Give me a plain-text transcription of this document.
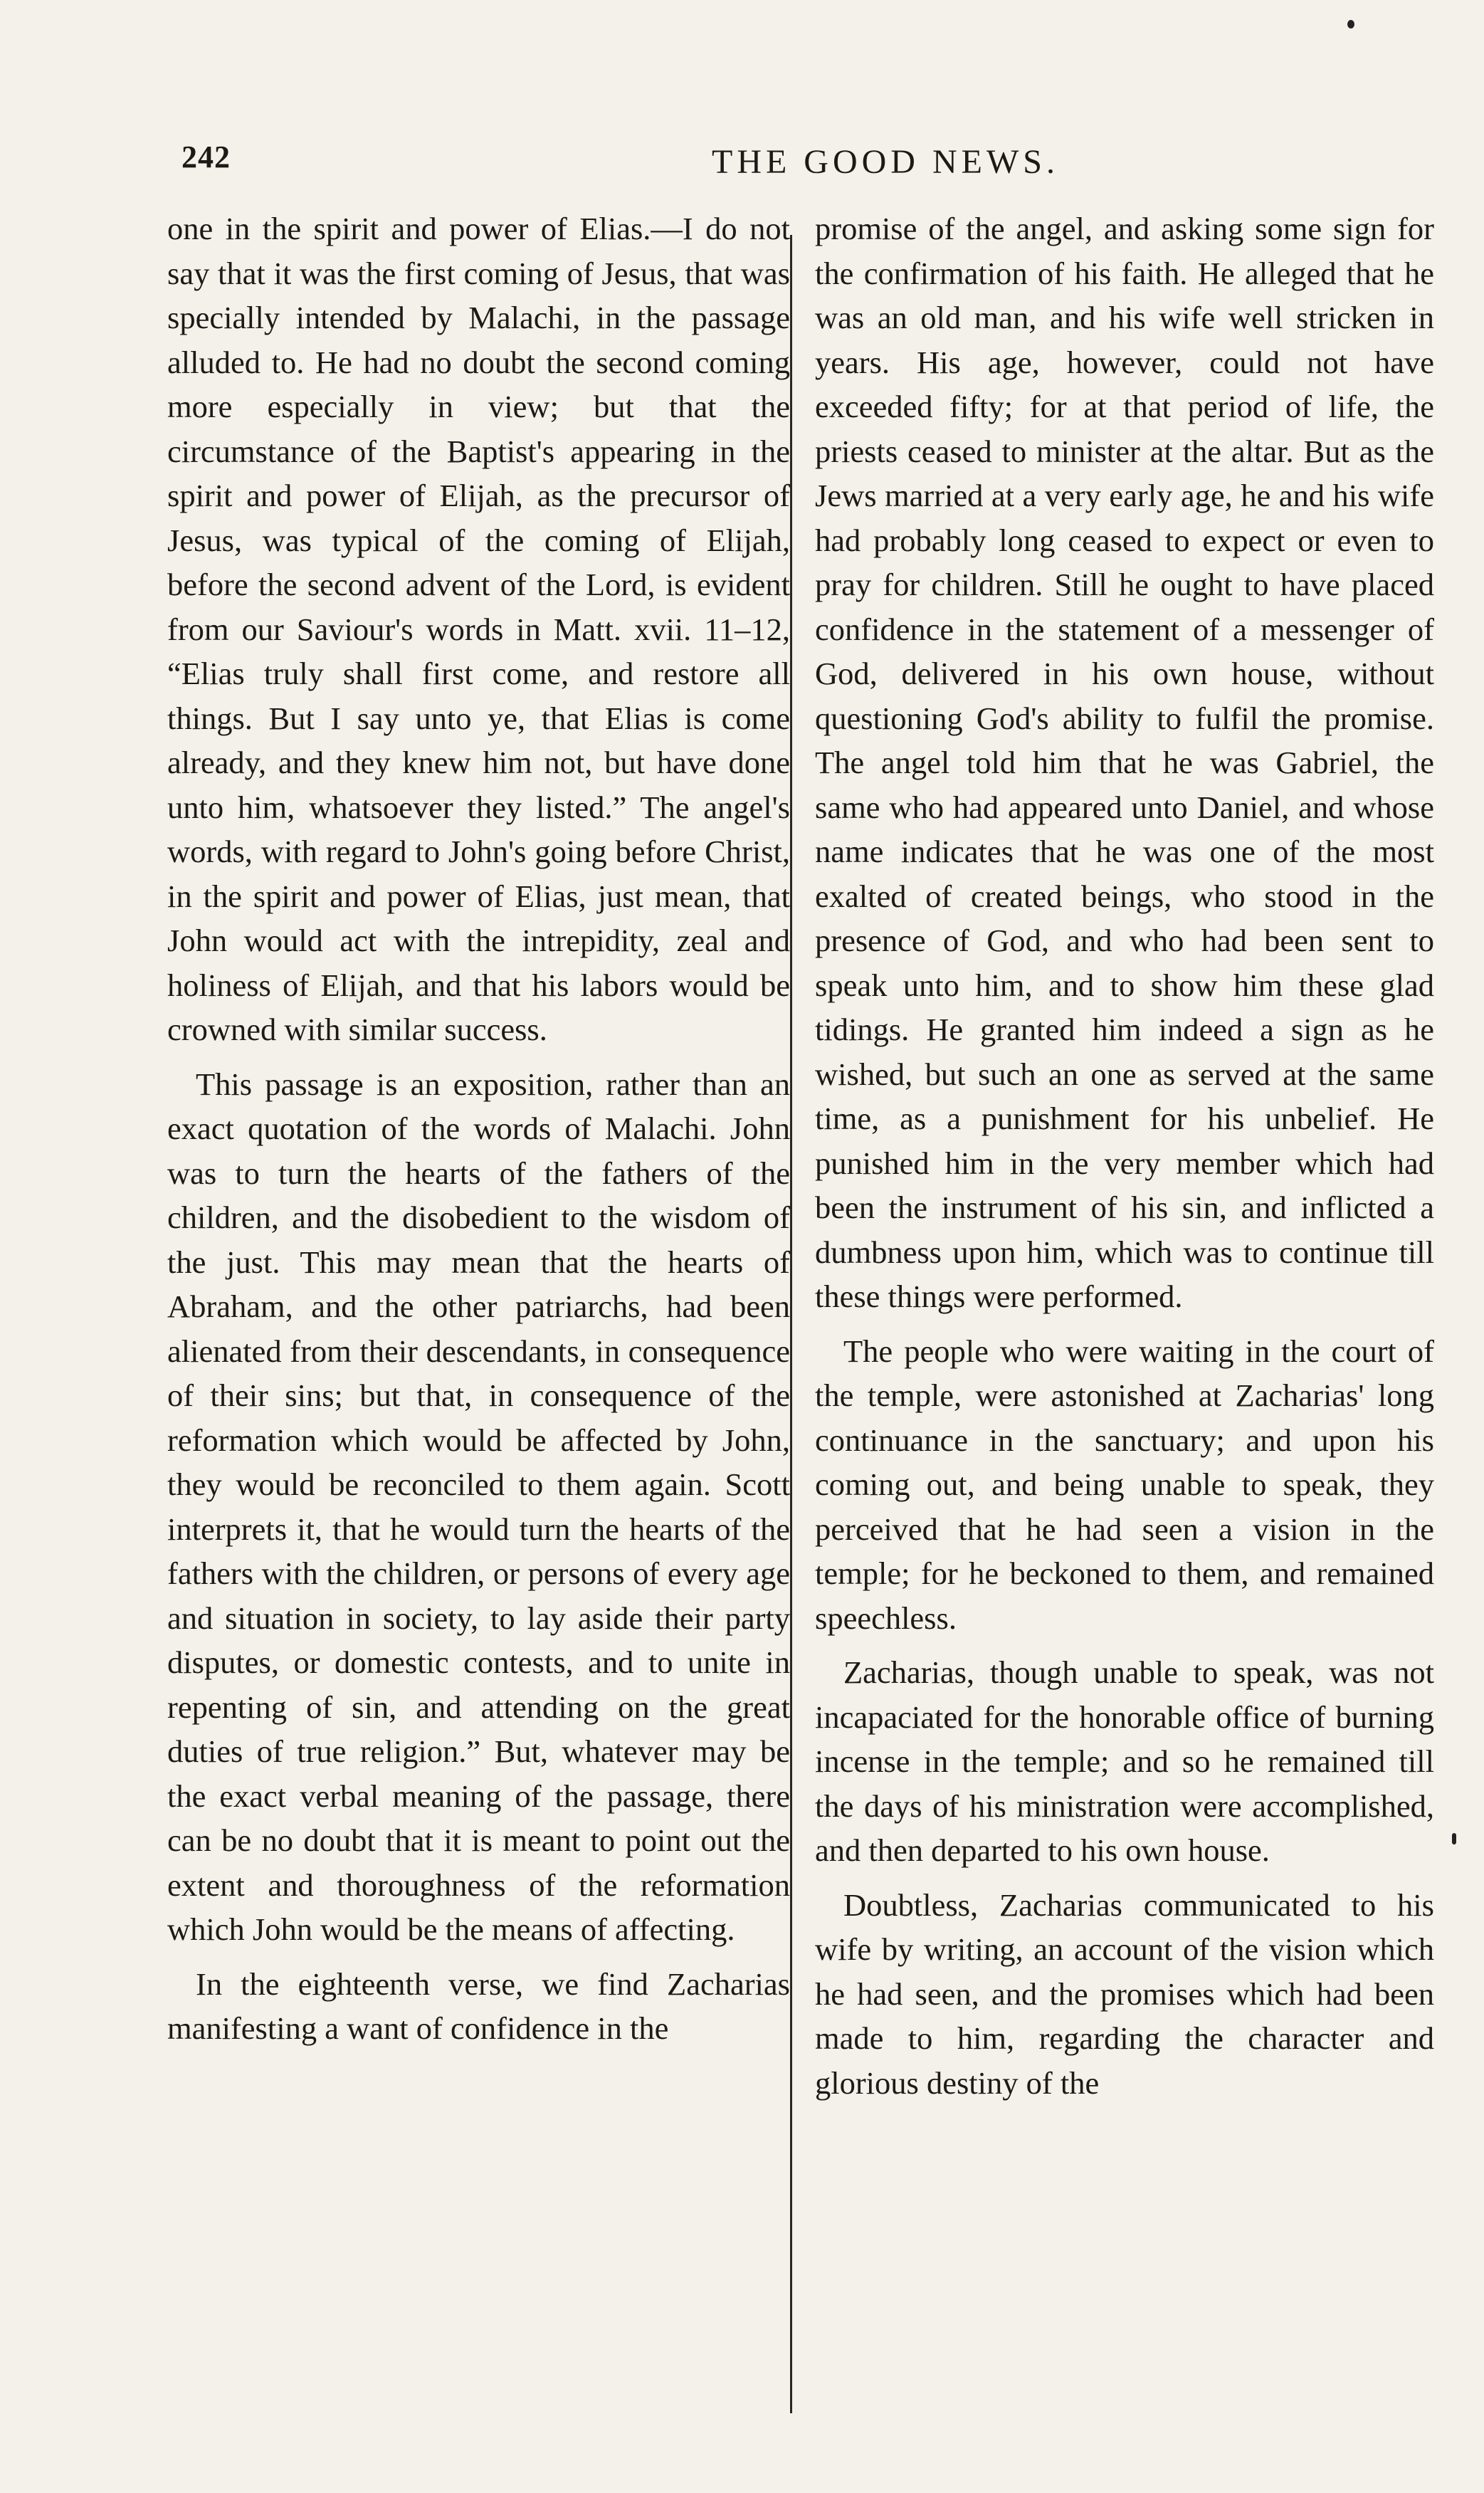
242	THE GOOD NEWS.

one in the spirit and power of Elias.—I do not say that it was the first coming of Jesus, that was specially intended by Malachi, in the passage alluded to. He had no doubt the second coming more especially in view; but that the circumstance of the Baptist's appearing in the spirit and power of Elijah, as the precursor of Jesus, was typical of the coming of Elijah, before the second advent of the Lord, is evident from our Saviour's words in Matt. xvii. 11–12, “Elias truly shall first come, and restore all things. But I say unto ye, that Elias is come already, and they knew him not, but have done unto him, whatsoever they listed.” The angel's words, with regard to John's going before Christ, in the spirit and power of Elias, just mean, that John would act with the intrepidity, zeal and holiness of Elijah, and that his labors would be crowned with similar success.

This passage is an exposition, rather than an exact quotation of the words of Malachi. John was to turn the hearts of the fathers of the children, and the disobedient to the wisdom of the just. This may mean that the hearts of Abraham, and the other patriarchs, had been alienated from their descendants, in consequence of their sins; but that, in consequence of the reformation which would be affected by John, they would be reconciled to them again. Scott interprets it, that he would turn the hearts of the fathers with the children, or persons of every age and situation in society, to lay aside their party disputes, or domestic contests, and to unite in repenting of sin, and attending on the great duties of true religion.” But, whatever may be the exact verbal meaning of the passage, there can be no doubt that it is meant to point out the extent and thoroughness of the reformation which John would be the means of affecting.

In the eighteenth verse, we find Zacharias manifesting a want of confidence in the

promise of the angel, and asking some sign for the confirmation of his faith. He alleged that he was an old man, and his wife well stricken in years. His age, however, could not have exceeded fifty; for at that period of life, the priests ceased to minister at the altar. But as the Jews married at a very early age, he and his wife had probably long ceased to expect or even to pray for children. Still he ought to have placed confidence in the statement of a messenger of God, delivered in his own house, without questioning God's ability to fulfil the promise. The angel told him that he was Gabriel, the same who had appeared unto Daniel, and whose name indicates that he was one of the most exalted of created beings, who stood in the presence of God, and who had been sent to speak unto him, and to show him these glad tidings. He granted him indeed a sign as he wished, but such an one as served at the same time, as a punishment for his unbelief. He punished him in the very member which had been the instrument of his sin, and inflicted a dumbness upon him, which was to continue till these things were performed.

The people who were waiting in the court of the temple, were astonished at Zacharias' long continuance in the sanctuary; and upon his coming out, and being unable to speak, they perceived that he had seen a vision in the temple; for he beckoned to them, and remained speechless.

Zacharias, though unable to speak, was not incapaciated for the honorable office of burning incense in the temple; and so he remained till the days of his ministration were accomplished, and then departed to his own house.

Doubtless, Zacharias communicated to his wife by writing, an account of the vision which he had seen, and the promises which had been made to him, regarding the character and glorious destiny of the
